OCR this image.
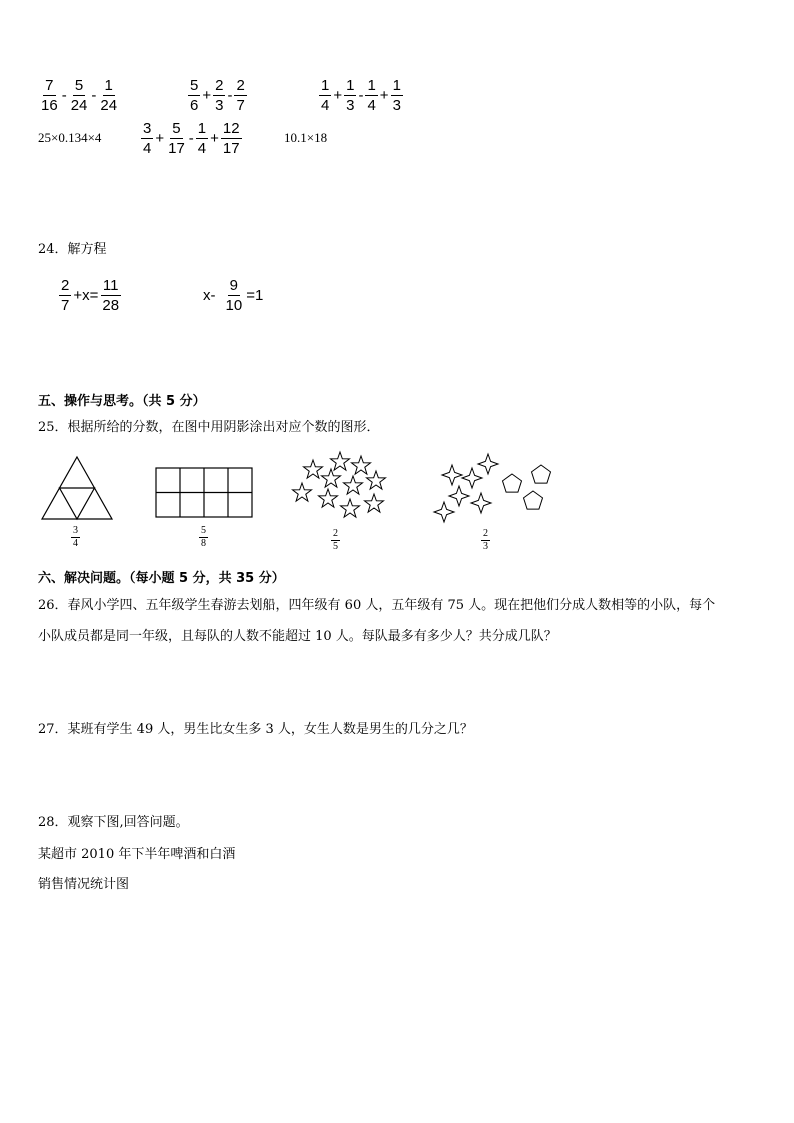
$\frac{7}{16} - \frac{5}{24} - \frac{1}{24}$	$\frac{5}{6} + \frac{2}{3} - \frac{2}{7}$	$\frac{1}{4} + \frac{1}{3} - \frac{1}{4} + \frac{1}{3}$
25×0.134×4	$\frac{3}{4} + \frac{5}{17} - \frac{1}{4} + \frac{12}{17}$	10.1×18
24．解方程
$\frac{2}{7} +x= \frac{11}{28}$	$x- \frac{9}{10} =1$
五、操作与思考。（共 5 分）
25．根据所给的分数，在图中用阴影涂出对应个数的图形．
3
4
5
8
2
5
2
3
六、解决问题。（每小题 5 分，共 35 分）
26．春风小学四、五年级学生春游去划船，四年级有 60 人，五年级有 75 人。现在把他们分成人数相等的小队，每个
小队成员都是同一年级，且每队的人数不能超过 10 人。每队最多有多少人？共分成几队？
27．某班有学生 49 人，男生比女生多 3 人，女生人数是男生的几分之几？
28．观察下图,回答问题。
某超市 2010 年下半年啤酒和白酒
销售情况统计图
